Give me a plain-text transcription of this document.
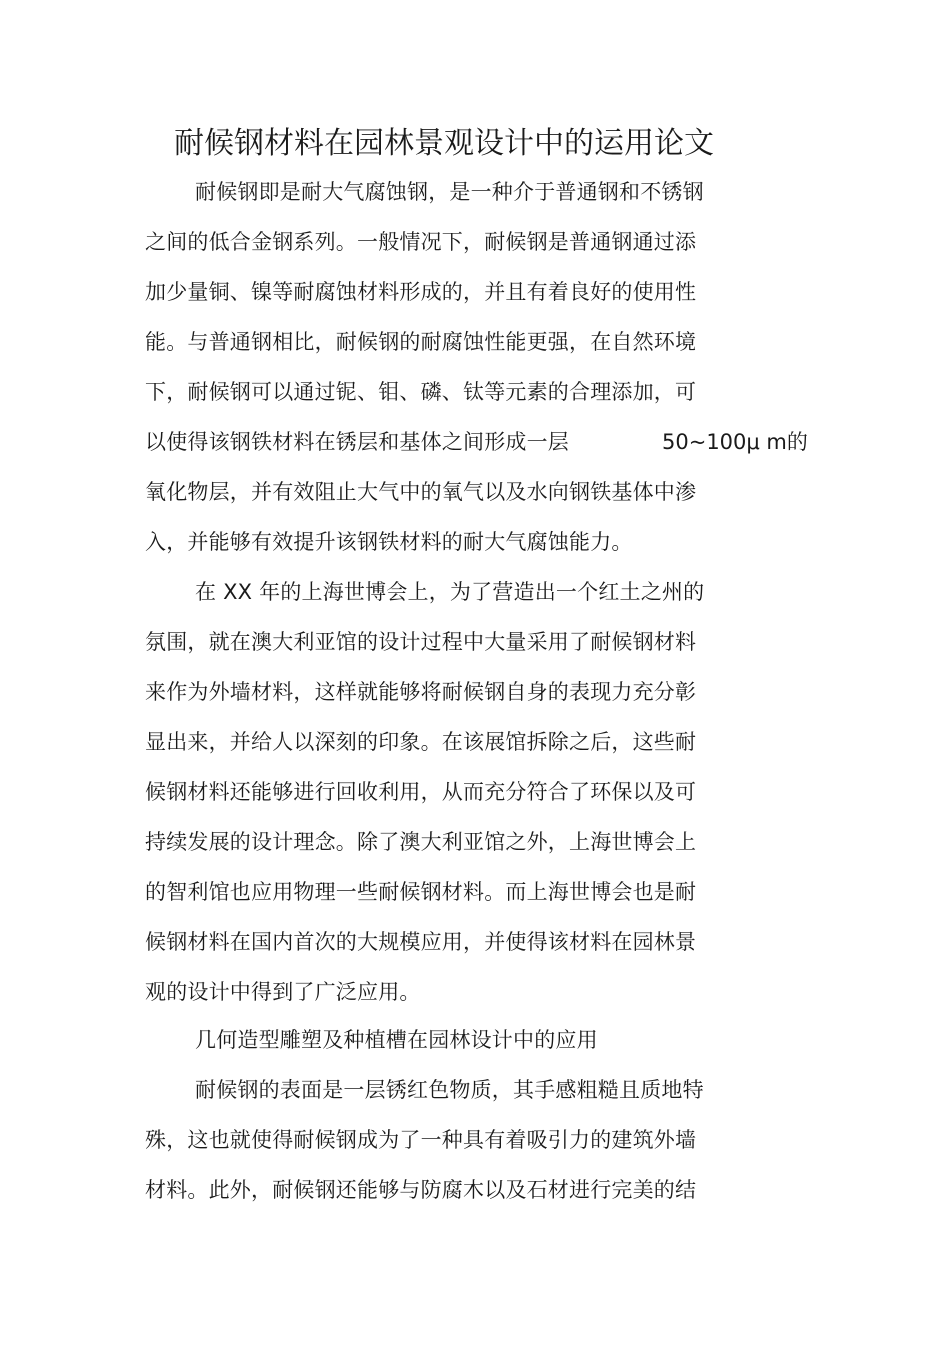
耐候钢材料在园林景观设计中的运用论文
耐候钢即是耐大气腐蚀钢，是一种介于普通钢和不锈钢
之间的低合金钢系列。一般情况下，耐候钢是普通钢通过添
加少量铜、镍等耐腐蚀材料形成的，并且有着良好的使用性
能。与普通钢相比，耐候钢的耐腐蚀性能更强，在自然环境
下，耐候钢可以通过铌、钼、磷、钛等元素的合理添加，可
以使得该钢铁材料在锈层和基体之间形成一层	50~100μ m的
氧化物层，并有效阻止大气中的氧气以及水向钢铁基体中渗
入，并能够有效提升该钢铁材料的耐大气腐蚀能力。
在 XX 年的上海世博会上，为了营造出一个红土之州的
氛围，就在澳大利亚馆的设计过程中大量采用了耐候钢材料
来作为外墙材料，这样就能够将耐候钢自身的表现力充分彰
显出来，并给人以深刻的印象。在该展馆拆除之后，这些耐
候钢材料还能够进行回收利用，从而充分符合了环保以及可
持续发展的设计理念。除了澳大利亚馆之外，上海世博会上
的智利馆也应用物理一些耐候钢材料。而上海世博会也是耐
候钢材料在国内首次的大规模应用，并使得该材料在园林景
观的设计中得到了广泛应用。
几何造型雕塑及种植槽在园林设计中的应用
耐候钢的表面是一层锈红色物质，其手感粗糙且质地特
殊，这也就使得耐候钢成为了一种具有着吸引力的建筑外墙
材料。此外，耐候钢还能够与防腐木以及石材进行完美的结
